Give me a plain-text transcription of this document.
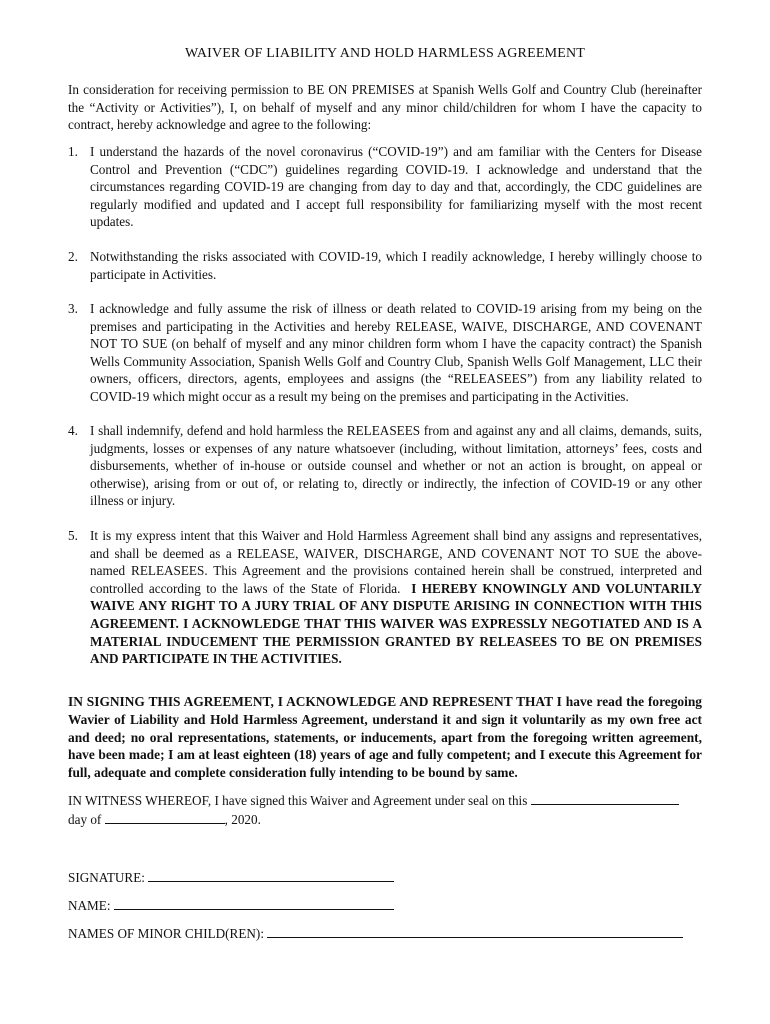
WAIVER OF LIABILITY AND HOLD HARMLESS AGREEMENT
In consideration for receiving permission to BE ON PREMISES at Spanish Wells Golf and Country Club (hereinafter the “Activity or Activities”), I, on behalf of myself and any minor child/children for whom I have the capacity to contract, hereby acknowledge and agree to the following:
1. I understand the hazards of the novel coronavirus (“COVID-19”) and am familiar with the Centers for Disease Control and Prevention (“CDC”) guidelines regarding COVID-19. I acknowledge and understand that the circumstances regarding COVID-19 are changing from day to day and that, accordingly, the CDC guidelines are regularly modified and updated and I accept full responsibility for familiarizing myself with the most recent updates.
2. Notwithstanding the risks associated with COVID-19, which I readily acknowledge, I hereby willingly choose to participate in Activities.
3. I acknowledge and fully assume the risk of illness or death related to COVID-19 arising from my being on the premises and participating in the Activities and hereby RELEASE, WAIVE, DISCHARGE, AND COVENANT NOT TO SUE (on behalf of myself and any minor children form whom I have the capacity contract) the Spanish Wells Community Association, Spanish Wells Golf and Country Club, Spanish Wells Golf Management, LLC their owners, officers, directors, agents, employees and assigns (the “RELEASEES”) from any liability related to COVID-19 which might occur as a result my being on the premises and participating in the Activities.
4. I shall indemnify, defend and hold harmless the RELEASEES from and against any and all claims, demands, suits, judgments, losses or expenses of any nature whatsoever (including, without limitation, attorneys’ fees, costs and disbursements, whether of in-house or outside counsel and whether or not an action is brought, on appeal or otherwise), arising from or out of, or relating to, directly or indirectly, the infection of COVID-19 or any other illness or injury.
5. It is my express intent that this Waiver and Hold Harmless Agreement shall bind any assigns and representatives, and shall be deemed as a RELEASE, WAIVER, DISCHARGE, AND COVENANT NOT TO SUE the above-named RELEASEES. This Agreement and the provisions contained herein shall be construed, interpreted and controlled according to the laws of the State of Florida. I HEREBY KNOWINGLY AND VOLUNTARILY WAIVE ANY RIGHT TO A JURY TRIAL OF ANY DISPUTE ARISING IN CONNECTION WITH THIS AGREEMENT. I ACKNOWLEDGE THAT THIS WAIVER WAS EXPRESSLY NEGOTIATED AND IS A MATERIAL INDUCEMENT THE PERMISSION GRANTED BY RELEASEES TO BE ON PREMISES AND PARTICIPATE IN THE ACTIVITIES.
IN SIGNING THIS AGREEMENT, I ACKNOWLEDGE AND REPRESENT THAT I have read the foregoing Wavier of Liability and Hold Harmless Agreement, understand it and sign it voluntarily as my own free act and deed; no oral representations, statements, or inducements, apart from the foregoing written agreement, have been made; I am at least eighteen (18) years of age and fully competent; and I execute this Agreement for full, adequate and complete consideration fully intending to be bound by same.
IN WITNESS WHEREOF, I have signed this Waiver and Agreement under seal on this
day of	, 2020.
SIGNATURE:
NAME:
NAMES OF MINOR CHILD(REN):
